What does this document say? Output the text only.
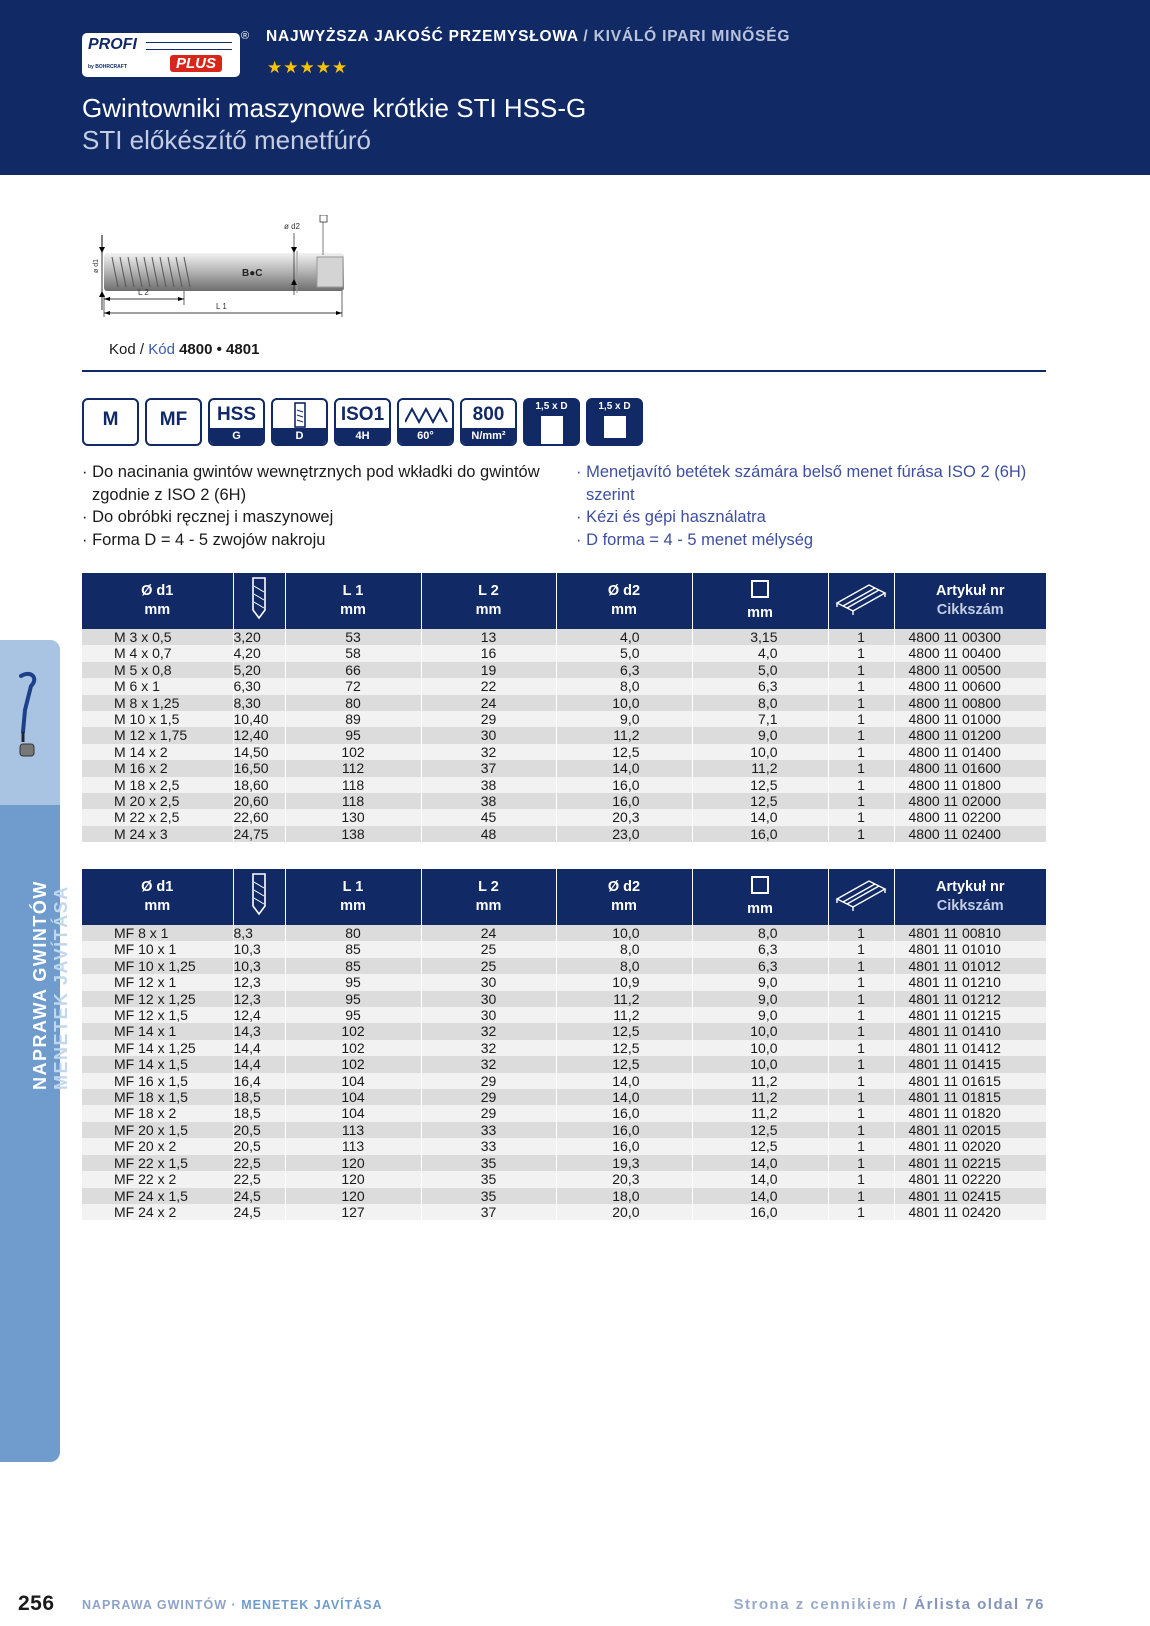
PROFI
PLUS
by BOHRCRAFT
® NAJWYŻSZA JAKOŚĆ PRZEMYSŁOWA / KIVÁLÓ IPARI MINŐSÉG
★★★★★
Gwintowniki maszynowe krótkie STI HSS-G
STI előkészítő menetfúró
NAPRAWA GWINTÓW MENETEK JAVÍTÁSA
B●C
ø d1
L 2
L 1
ø d2
Kod / Kód 4800 • 4801
M	MF	HSS
G	D
ISO1
4H	60°
800
N/mm²
1,5 x D	1,5 x D
· Do nacinania gwintów wewnętrznych pod wkładki do gwintów zgodnie z ISO 2 (6H)
· Do obróbki ręcznej i maszynowej
· Forma D = 4 - 5 zwojów nakroju
· Menetjavító betétek számára belső menet fúrása ISO 2 (6H) szerint
· Kézi és gépi használatra
· D forma = 4 - 5 menet mélység
Ø d1
mm		L 1
mm	L 2
mm	Ø d2
mm	mm		Artykuł nr
Cikkszám
M 3 x 0,5	3,20	53	13	4,0	3,15	1	4800 11 00300
M 4 x 0,7	4,20	58	16	5,0	4,0	1	4800 11 00400
M 5 x 0,8	5,20	66	19	6,3	5,0	1	4800 11 00500
M 6 x 1	6,30	72	22	8,0	6,3	1	4800 11 00600
M 8 x 1,25	8,30	80	24	10,0	8,0	1	4800 11 00800
M 10 x 1,5	10,40	89	29	9,0	7,1	1	4800 11 01000
M 12 x 1,75	12,40	95	30	11,2	9,0	1	4800 11 01200
M 14 x 2	14,50	102	32	12,5	10,0	1	4800 11 01400
M 16 x 2	16,50	112	37	14,0	11,2	1	4800 11 01600
M 18 x 2,5	18,60	118	38	16,0	12,5	1	4800 11 01800
M 20 x 2,5	20,60	118	38	16,0	12,5	1	4800 11 02000
M 22 x 2,5	22,60	130	45	20,3	14,0	1	4800 11 02200
M 24 x 3	24,75	138	48	23,0	16,0	1	4800 11 02400
Ø d1
mm		L 1
mm	L 2
mm	Ø d2
mm	mm		Artykuł nr
Cikkszám
MF 8 x 1	8,3	80	24	10,0	8,0	1	4801 11 00810
MF 10 x 1	10,3	85	25	8,0	6,3	1	4801 11 01010
MF 10 x 1,25	10,3	85	25	8,0	6,3	1	4801 11 01012
MF 12 x 1	12,3	95	30	10,9	9,0	1	4801 11 01210
MF 12 x 1,25	12,3	95	30	11,2	9,0	1	4801 11 01212
MF 12 x 1,5	12,4	95	30	11,2	9,0	1	4801 11 01215
MF 14 x 1	14,3	102	32	12,5	10,0	1	4801 11 01410
MF 14 x 1,25	14,4	102	32	12,5	10,0	1	4801 11 01412
MF 14 x 1,5	14,4	102	32	12,5	10,0	1	4801 11 01415
MF 16 x 1,5	16,4	104	29	14,0	11,2	1	4801 11 01615
MF 18 x 1,5	18,5	104	29	14,0	11,2	1	4801 11 01815
MF 18 x 2	18,5	104	29	16,0	11,2	1	4801 11 01820
MF 20 x 1,5	20,5	113	33	16,0	12,5	1	4801 11 02015
MF 20 x 2	20,5	113	33	16,0	12,5	1	4801 11 02020
MF 22 x 1,5	22,5	120	35	19,3	14,0	1	4801 11 02215
MF 22 x 2	22,5	120	35	20,3	14,0	1	4801 11 02220
MF 24 x 1,5	24,5	120	35	18,0	14,0	1	4801 11 02415
MF 24 x 2	24,5	127	37	20,0	16,0	1	4801 11 02420
256 NAPRAWA GWINTÓW · MENETEK JAVÍTÁSA	Strona z cennikiem / Árlista oldal 76
